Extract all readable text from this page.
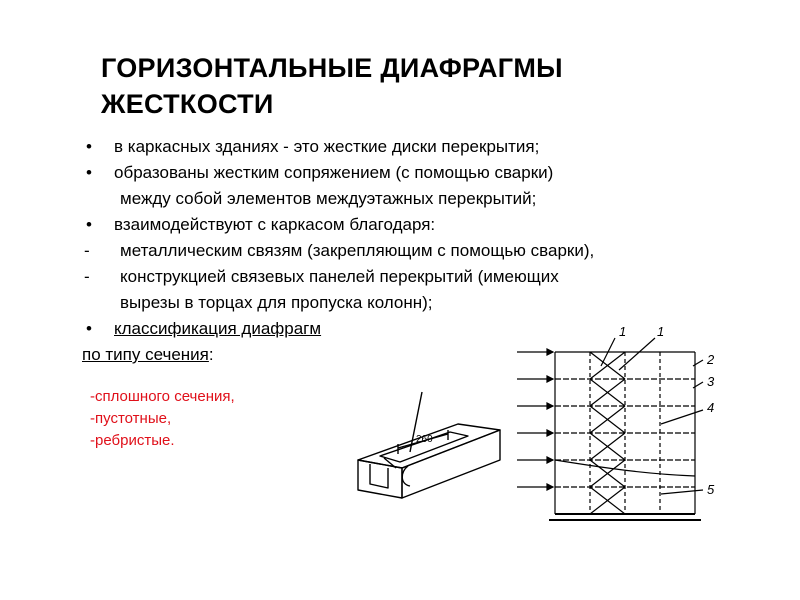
ГОРИЗОНТАЛЬНЫЕ ДИАФРАГМЫ
ЖЕСТКОСТИ
• в каркасных зданиях - это жесткие диски перекрытия;
• образованы жестким сопряжением (с помощью сварки)
между собой элементов междуэтажных перекрытий;
• взаимодействуют с каркасом благодаря:
- металлическим связям (закрепляющим с помощью сварки),
- конструкцией связевых панелей перекрытий (имеющих
вырезы в торцах для пропуска колонн);
• классификация диафрагм
по типу сечения:
-сплошного сечения,
-пустотные,
-ребристые.	260
1 1
2
3
4
5
